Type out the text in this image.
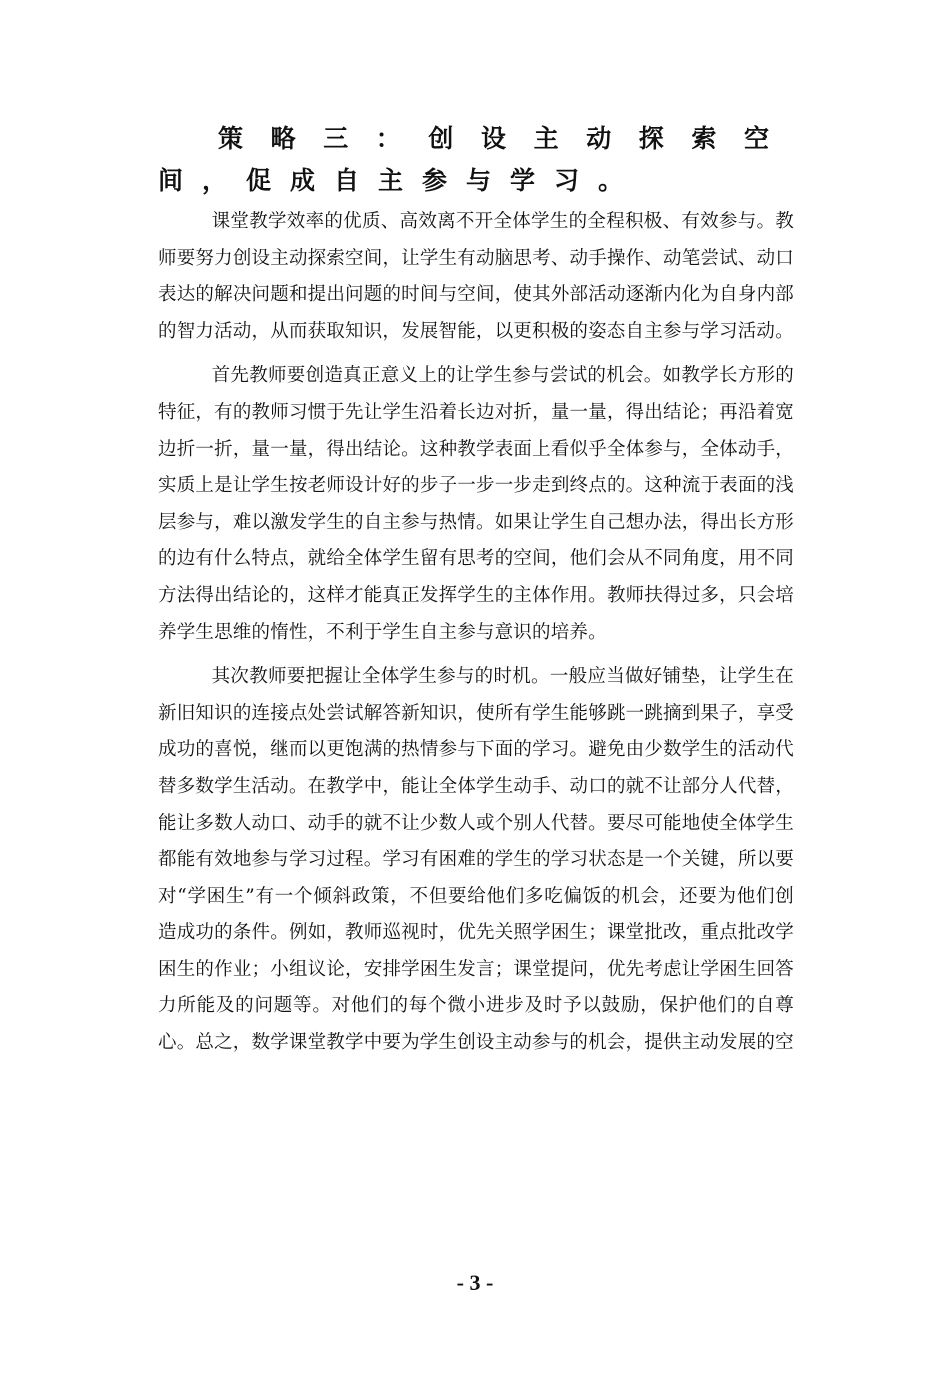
策略三：创设主动探索空间，促成自主参与学习。

课堂教学效率的优质、高效离不开全体学生的全程积极、有效参与。教师要努力创设主动探索空间，让学生有动脑思考、动手操作、动笔尝试、动口表达的解决问题和提出问题的时间与空间，使其外部活动逐渐内化为自身内部的智力活动，从而获取知识，发展智能，以更积极的姿态自主参与学习活动。

首先教师要创造真正意义上的让学生参与尝试的机会。如教学长方形的特征，有的教师习惯于先让学生沿着长边对折，量一量，得出结论；再沿着宽边折一折，量一量，得出结论。这种教学表面上看似乎全体参与，全体动手，实质上是让学生按老师设计好的步子一步一步走到终点的。这种流于表面的浅层参与，难以激发学生的自主参与热情。如果让学生自己想办法，得出长方形的边有什么特点，就给全体学生留有思考的空间，他们会从不同角度，用不同方法得出结论的，这样才能真正发挥学生的主体作用。教师扶得过多，只会培养学生思维的惰性，不利于学生自主参与意识的培养。

其次教师要把握让全体学生参与的时机。一般应当做好铺垫，让学生在新旧知识的连接点处尝试解答新知识，使所有学生能够跳一跳摘到果子，享受成功的喜悦，继而以更饱满的热情参与下面的学习。避免由少数学生的活动代替多数学生活动。在教学中，能让全体学生动手、动口的就不让部分人代替，能让多数人动口、动手的就不让少数人或个别人代替。要尽可能地使全体学生都能有效地参与学习过程。学习有困难的学生的学习状态是一个关键，所以要对“学困生”有一个倾斜政策，不但要给他们多吃偏饭的机会，还要为他们创造成功的条件。例如，教师巡视时，优先关照学困生；课堂批改，重点批改学困生的作业；小组议论，安排学困生发言；课堂提问，优先考虑让学困生回答力所能及的问题等。对他们的每个微小进步及时予以鼓励，保护他们的自尊心。总之，数学课堂教学中要为学生创设主动参与的机会，提供主动发展的空

- 3 -
